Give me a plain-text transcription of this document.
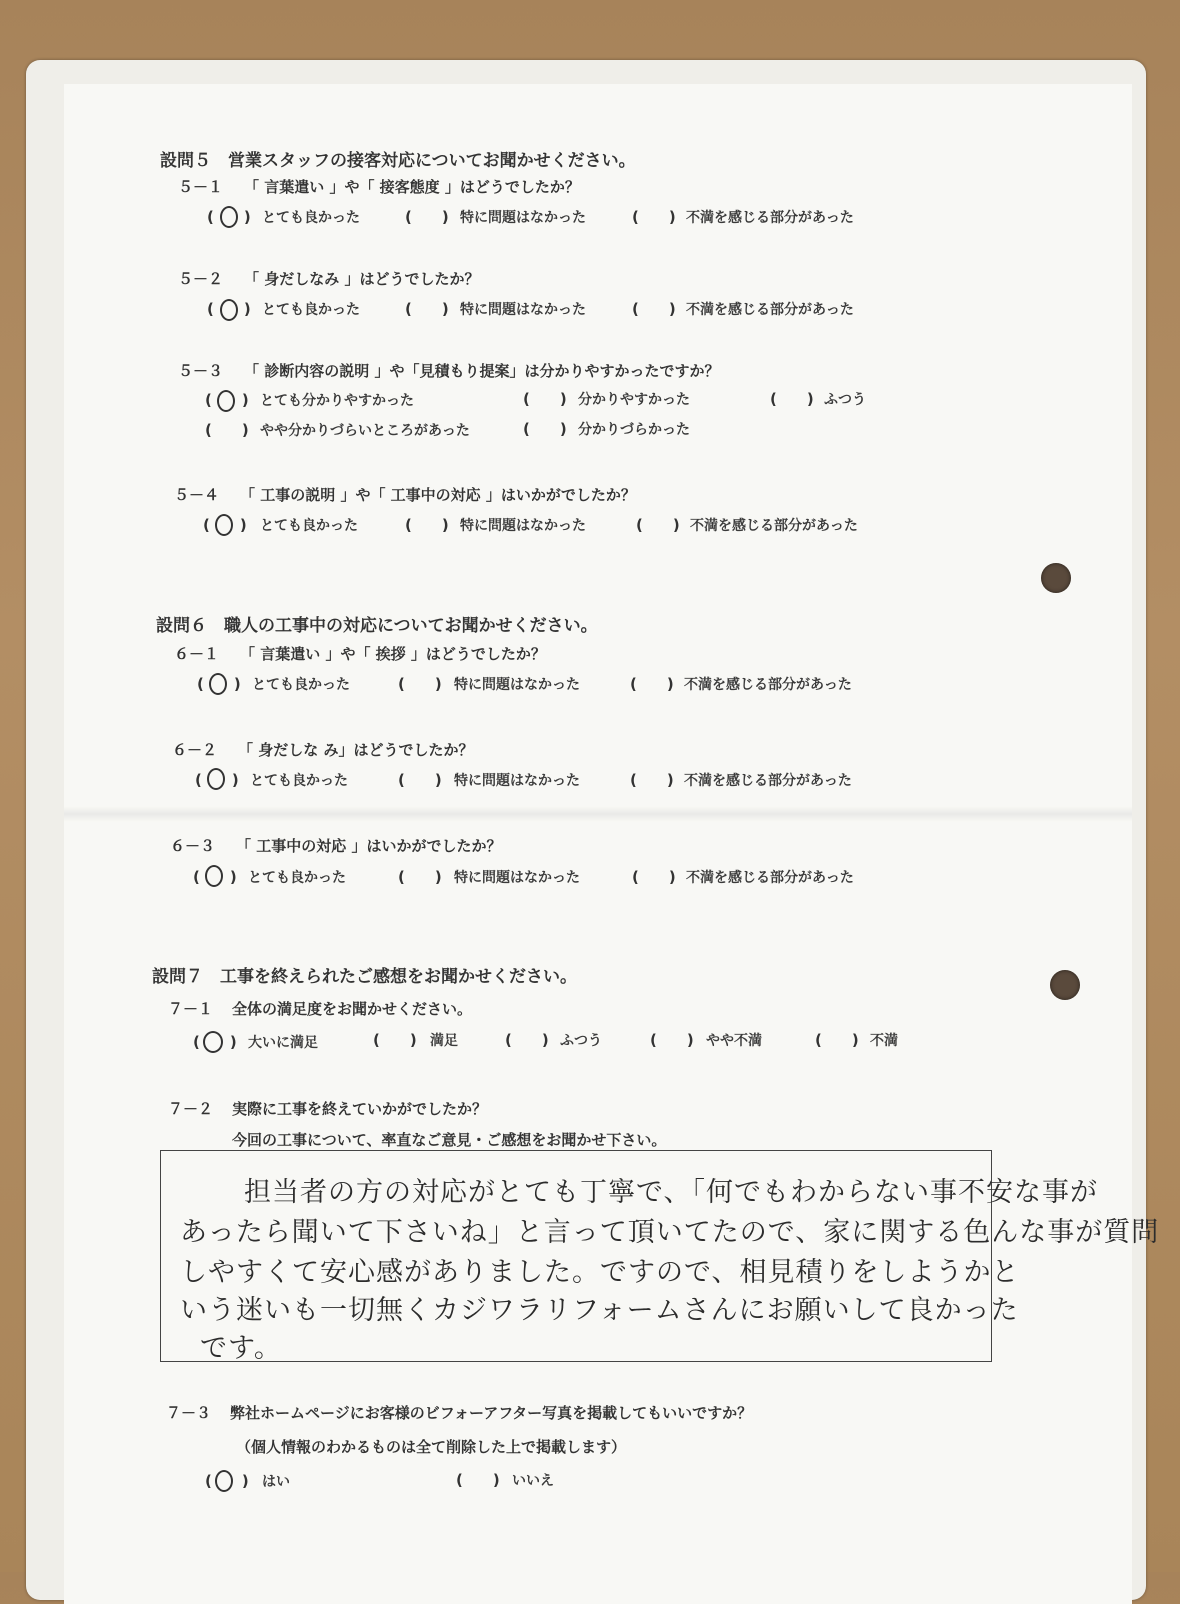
設問５　営業スタッフの接客対応についてお聞かせください。
５－１ 「 言葉遣い 」や「 接客態度 」はどうでしたか？
(　　) とても良かった	(　　) 特に問題はなかった	(　　) 不満を感じる部分があった
５－２ 「 身だしなみ 」はどうでしたか？
(　　) とても良かった	(　　) 特に問題はなかった	(　　) 不満を感じる部分があった
５－３ 「 診断内容の説明 」や「見積もり提案」は分かりやすかったですか？
(　　) とても分かりやすかった	(　　) 分かりやすかった	(　　) ふつう
(　　) やや分かりづらいところがあった	(　　) 分かりづらかった
５－４ 「 工事の説明 」や「 工事中の対応 」はいかがでしたか？
(　　) とても良かった	(　　) 特に問題はなかった	(　　) 不満を感じる部分があった
設問６　職人の工事中の対応についてお聞かせください。
６－１ 「 言葉遣い 」や「 挨拶 」はどうでしたか？
(　　) とても良かった	(　　) 特に問題はなかった	(　　) 不満を感じる部分があった
６－２ 「 身だしな み」はどうでしたか？
(　　) とても良かった	(　　) 特に問題はなかった	(　　) 不満を感じる部分があった
６－３ 「 工事中の対応 」はいかがでしたか？
(　　) とても良かった	(　　) 特に問題はなかった	(　　) 不満を感じる部分があった
設問７　工事を終えられたご感想をお聞かせください。
７－１ 全体の満足度をお聞かせください。
(　　) 大いに満足	(　　) 満足	(　　) ふつう	(　　) やや不満	(　　) 不満
７－２ 実際に工事を終えていかがでしたか？
今回の工事について、率直なご意見・ご感想をお聞かせ下さい。
担当者の方の対応がとても丁寧で、「何でもわからない事不安な事が
あったら聞いて下さいね」と言って頂いてたので、家に関する色んな事が質問
しやすくて安心感がありました。ですので、相見積りをしようかと
いう迷いも一切無くカジワラリフォームさんにお願いして良かった
です。
７－３ 弊社ホームページにお客様のビフォーアフター写真を掲載してもいいですか？
（個人情報のわかるものは全て削除した上で掲載します）
(　　) はい	(　　) いいえ
